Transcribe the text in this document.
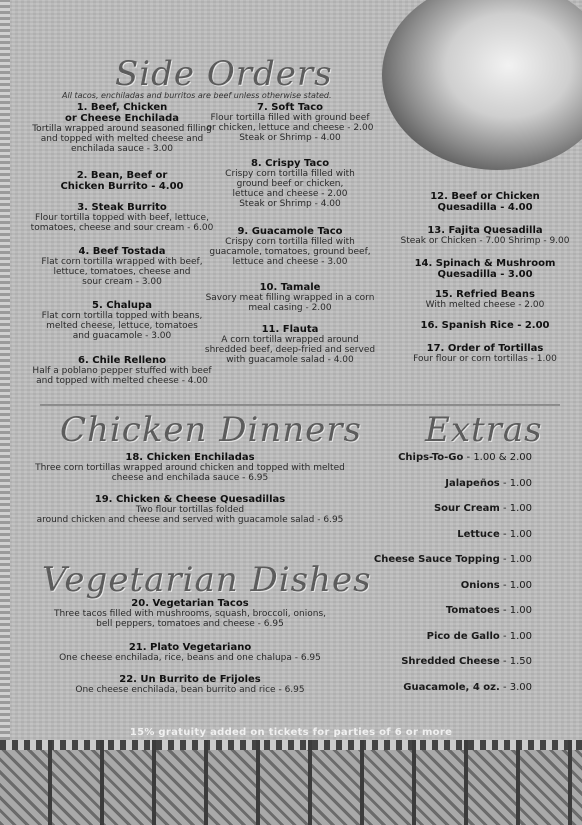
Side Orders
All tacos, enchiladas and burritos are beef unless otherwise stated.
1. Beef, Chicken
or Cheese Enchilada
Tortilla wrapped around seasoned filling
and topped with melted cheese and
enchilada sauce - 3.00
2. Bean, Beef or
Chicken Burrito - 4.00
3. Steak Burrito
Flour tortilla topped with beef, lettuce,
tomatoes, cheese and sour cream - 6.00
4. Beef Tostada
Flat corn tortilla wrapped with beef,
lettuce, tomatoes, cheese and
sour cream - 3.00
5. Chalupa
Flat corn tortilla topped with beans,
melted cheese, lettuce, tomatoes
and guacamole - 3.00
6. Chile Relleno
Half a poblano pepper stuffed with beef
and topped with melted cheese - 4.00
7. Soft Taco
Flour tortilla filled with ground beef
or chicken, lettuce and cheese - 2.00
Steak or Shrimp - 4.00
8. Crispy Taco
Crispy corn tortilla filled with
ground beef or chicken,
lettuce and cheese - 2.00
Steak or Shrimp - 4.00
9. Guacamole Taco
Crispy corn tortilla filled with
guacamole, tomatoes, ground beef,
lettuce and cheese - 3.00
10. Tamale
Savory meat filling wrapped in a corn
meal casing - 2.00
11. Flauta
A corn tortilla wrapped around
shredded beef, deep-fried and served
with guacamole salad - 4.00
12. Beef or Chicken
Quesadilla - 4.00
13. Fajita Quesadilla
Steak or Chicken - 7.00 Shrimp - 9.00
14. Spinach & Mushroom
Quesadilla - 3.00
15. Refried Beans
With melted cheese - 2.00
16. Spanish Rice - 2.00
17. Order of Tortillas
Four flour or corn tortillas - 1.00
Chicken Dinners
18. Chicken Enchiladas
Three corn tortillas wrapped around chicken and topped with melted
cheese and enchilada sauce - 6.95
19. Chicken & Cheese Quesadillas
Two flour tortillas folded
around chicken and cheese and served with guacamole salad - 6.95
Vegetarian Dishes
20. Vegetarian Tacos
Three tacos filled with mushrooms, squash, broccoli, onions,
bell peppers, tomatoes and cheese - 6.95
21. Plato Vegetariano
One cheese enchilada, rice, beans and one chalupa - 6.95
22. Un Burrito de Frijoles
One cheese enchilada, bean burrito and rice - 6.95
Extras
Chips-To-Go - 1.00 & 2.00
Jalapeños - 1.00
Sour Cream - 1.00
Lettuce - 1.00
Cheese Sauce Topping - 1.00
Onions - 1.00
Tomatoes - 1.00
Pico de Gallo - 1.00
Shredded Cheese - 1.50
Guacamole, 4 oz. - 3.00
15% gratuity added on tickets for parties of 6 or more
